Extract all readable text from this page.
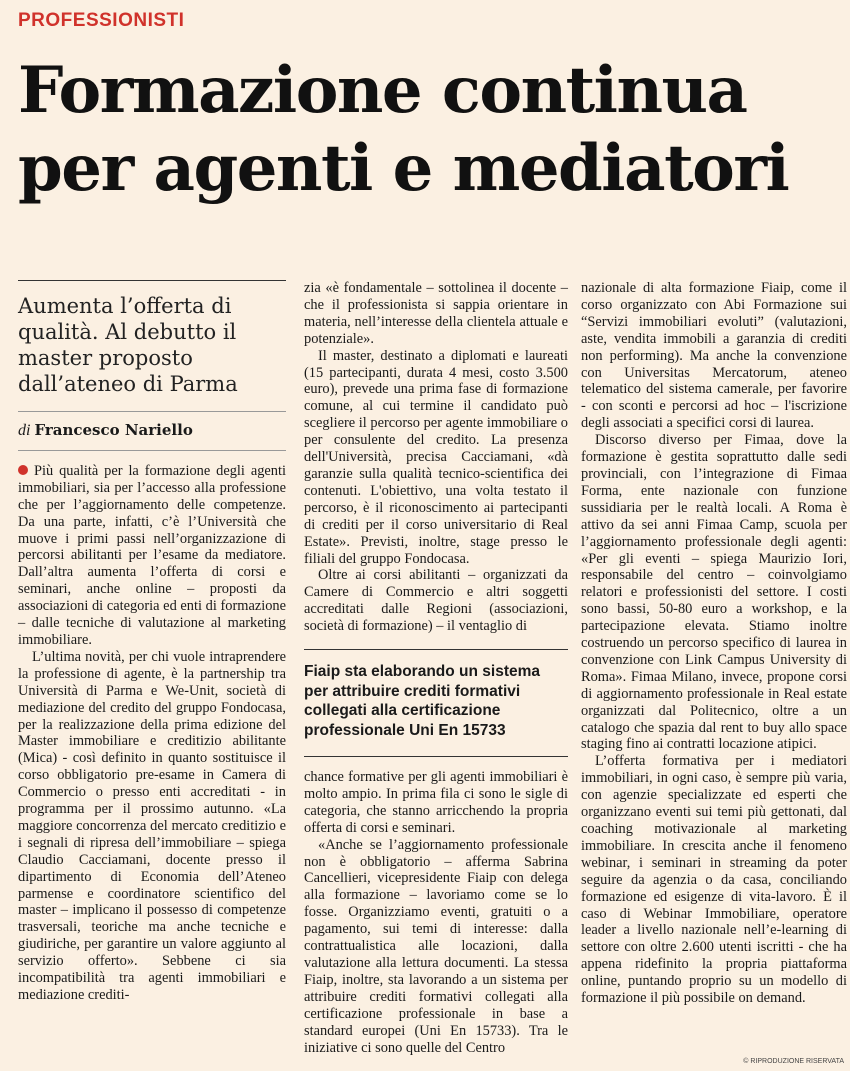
PROFESSIONISTI
Formazione continua per agenti e mediatori
Aumenta l’offerta di qualità. Al debutto il master proposto dall’ateneo di Parma
di Francesco Nariello

Più qualità per la formazione degli agenti immobiliari, sia per l’accesso alla professione che per l’aggiornamento delle competenze. Da una parte, infatti, c’è l’Università che muove i primi passi nell’organizzazione di percorsi abilitanti per l’esame da mediatore. Dall’altra aumenta l’offerta di corsi e seminari, anche online – proposti da associazioni di categoria ed enti di formazione – dalle tecniche di valutazione al marketing immobiliare.

L’ultima novità, per chi vuole intraprendere la professione di agente, è la partnership tra Università di Parma e We-Unit, società di mediazione del credito del gruppo Fondocasa, per la realizzazione della prima edizione del Master immobiliare e creditizio abilitante (Mica) - così definito in quanto sostituisce il corso obbligatorio pre-esame in Camera di Commercio o presso enti accreditati - in programma per il prossimo autunno. «La maggiore concorrenza del mercato creditizio e i segnali di ripresa dell’immobiliare – spiega Claudio Cacciamani, docente presso il dipartimento di Economia dell’Ateneo parmense e coordinatore scientifico del master – implicano il possesso di competenze trasversali, teoriche ma anche tecniche e giudiriche, per garantire un valore aggiunto al servizio offerto». Sebbene ci sia incompatibilità tra agenti immobiliari e mediazione crediti-

zia «è fondamentale – sottolinea il docente – che il professionista si sappia orientare in materia, nell’interesse della clientela attuale e potenziale».

Il master, destinato a diplomati e laureati (15 partecipanti, durata 4 mesi, costo 3.500 euro), prevede una prima fase di formazione comune, al cui termine il candidato può scegliere il percorso per agente immobiliare o per consulente del credito. La presenza dell'Università, precisa Cacciamani, «dà garanzie sulla qualità tecnico-scientifica dei contenuti. L'obiettivo, una volta testato il percorso, è il riconoscimento ai partecipanti di crediti per il corso universitario di Real Estate». Previsti, inoltre, stage presso le filiali del gruppo Fondocasa.

Oltre ai corsi abilitanti – organizzati da Camere di Commercio e altri soggetti accreditati dalle Regioni (associazioni, società di formazione) – il ventaglio di

Fiaip sta elaborando un sistema per attribuire crediti formativi collegati alla certificazione professionale Uni En 15733

chance formative per gli agenti immobiliari è molto ampio. In prima fila ci sono le sigle di categoria, che stanno arricchendo la propria offerta di corsi e seminari.

«Anche se l’aggiornamento professionale non è obbligatorio – afferma Sabrina Cancellieri, vicepresidente Fiaip con delega alla formazione – lavoriamo come se lo fosse. Organizziamo eventi, gratuiti o a pagamento, sui temi di interesse: dalla contrattualistica alle locazioni, dalla valutazione alla lettura documenti. La stessa Fiaip, inoltre, sta lavorando a un sistema per attribuire crediti formativi collegati alla certificazione professionale in base a standard europei (Uni En 15733). Tra le iniziative ci sono quelle del Centro

nazionale di alta formazione Fiaip, come il corso organizzato con Abi Formazione sui “Servizi immobiliari evoluti” (valutazioni, aste, vendita immobili a garanzia di crediti non performing). Ma anche la convenzione con Universitas Mercatorum, ateneo telematico del sistema camerale, per favorire - con sconti e percorsi ad hoc – l'iscrizione degli associati a specifici corsi di laurea.

Discorso diverso per Fimaa, dove la formazione è gestita soprattutto dalle sedi provinciali, con l’integrazione di Fimaa Forma, ente nazionale con funzione sussidiaria per le realtà locali. A Roma è attivo da sei anni Fimaa Camp, scuola per l’aggiornamento professionale degli agenti: «Per gli eventi – spiega Maurizio Iori, responsabile del centro – coinvolgiamo relatori e professionisti del settore. I costi sono bassi, 50-80 euro a workshop, e la partecipazione elevata. Stiamo inoltre costruendo un percorso specifico di laurea in convenzione con Link Campus University di Roma». Fimaa Milano, invece, propone corsi di aggiornamento professionale in Real estate organizzati dal Politecnico, oltre a un catalogo che spazia dal rent to buy allo space staging fino ai contratti locazione atipici.

L’offerta formativa per i mediatori immobiliari, in ogni caso, è sempre più varia, con agenzie specializzate ed esperti che organizzano eventi sui temi più gettonati, dal coaching motivazionale al marketing immobiliare. In crescita anche il fenomeno webinar, i seminari in streaming da poter seguire da agenzia o da casa, conciliando formazione ed esigenze di vita-lavoro. È il caso di Webinar Immobiliare, operatore leader a livello nazionale nell’e-learning di settore con oltre 2.600 utenti iscritti - che ha appena ridefinito la propria piattaforma online, puntando proprio su un modello di formazione il più possibile on demand.

© RIPRODUZIONE RISERVATA
